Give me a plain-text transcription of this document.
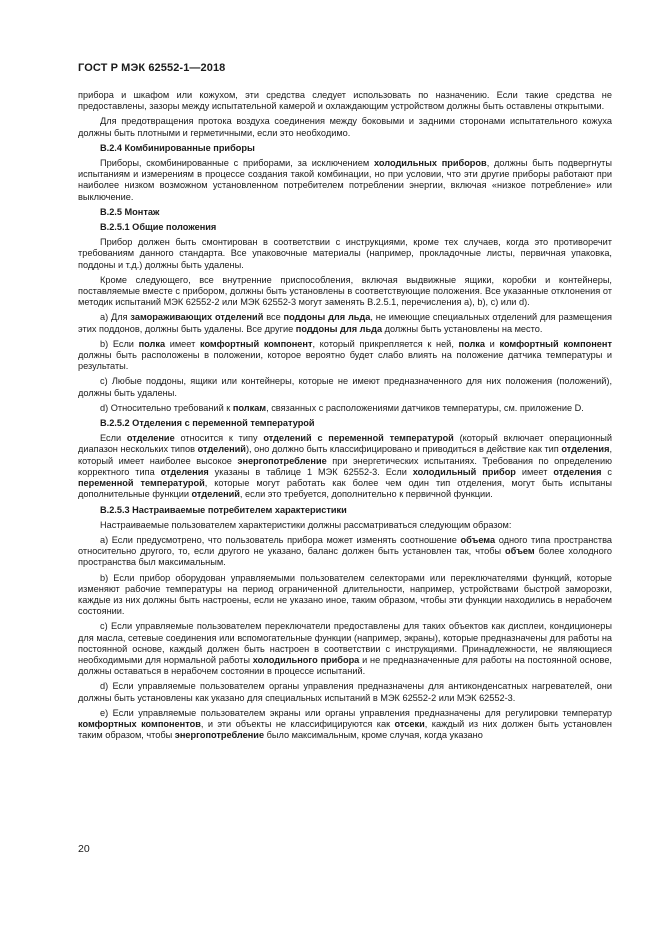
ГОСТ Р МЭК 62552-1—2018

прибора и шкафом или кожухом, эти средства следует использовать по назначению. Если такие средства не предоставлены, зазоры между испытательной камерой и охлаждающим устройством должны быть оставлены открытыми.

Для предотвращения протока воздуха соединения между боковыми и задними сторонами испытательного кожуха должны быть плотными и герметичными, если это необходимо.

В.2.4 Комбинированные приборы

Приборы, скомбинированные с приборами, за исключением холодильных приборов, должны быть подвергнуты испытаниям и измерениям в процессе создания такой комбинации, но при условии, что эти другие приборы работают при наиболее низком возможном установленном потребителем потреблении энергии, включая «низкое потребление» или выключение.

В.2.5 Монтаж
В.2.5.1 Общие положения

Прибор должен быть смонтирован в соответствии с инструкциями, кроме тех случаев, когда это противоречит требованиям данного стандарта. Все упаковочные материалы (например, прокладочные листы, первичная упаковка, поддоны и т.д.) должны быть удалены.

Кроме следующего, все внутренние приспособления, включая выдвижные ящики, коробки и контейнеры, поставляемые вместе с прибором, должны быть установлены в соответствующие положения. Все указанные отклонения от методик испытаний МЭК 62552-2 или МЭК 62552-3 могут заменять В.2.5.1, перечисления а), b), с) или d).

а) Для замораживающих отделений все поддоны для льда, не имеющие специальных отделений для размещения этих поддонов, должны быть удалены. Все другие поддоны для льда должны быть установлены на место.

b) Если полка имеет комфортный компонент, который прикрепляется к ней, полка и комфортный компонент должны быть расположены в положении, которое вероятно будет слабо влиять на положение датчика температуры и результаты.

с) Любые поддоны, ящики или контейнеры, которые не имеют предназначенного для них положения (положений), должны быть удалены.

d) Относительно требований к полкам, связанных с расположениями датчиков температуры, см. приложение D.

В.2.5.2 Отделения с переменной температурой

Если отделение относится к типу отделений с переменной температурой (который включает операционный диапазон нескольких типов отделений), оно должно быть классифицировано и приводиться в действие как тип отделения, который имеет наиболее высокое энергопотребление при энергетических испытаниях. Требования по определению корректного типа отделения указаны в таблице 1 МЭК 62552-3. Если холодильный прибор имеет отделения с переменной температурой, которые могут работать как более чем один тип отделения, могут быть испытаны дополнительные функции отделений, если это требуется, дополнительно к первичной функции.

В.2.5.3 Настраиваемые потребителем характеристики

Настраиваемые пользователем характеристики должны рассматриваться следующим образом:

а) Если предусмотрено, что пользователь прибора может изменять соотношение объема одного типа пространства относительно другого, то, если другого не указано, баланс должен быть установлен так, чтобы объем более холодного пространства был максимальным.

b) Если прибор оборудован управляемыми пользователем селекторами или переключателями функций, которые изменяют рабочие температуры на период ограниченной длительности, например, устройствами быстрой заморозки, каждые из них должны быть настроены, если не указано иное, таким образом, чтобы эти функции находились в нерабочем состоянии.

с) Если управляемые пользователем переключатели предоставлены для таких объектов как дисплеи, кондиционеры для масла, сетевые соединения или вспомогательные функции (например, экраны), которые предназначены для работы на постоянной основе, каждый должен быть настроен в соответствии с инструкциями. Принадлежности, не являющиеся необходимыми для нормальной работы холодильного прибора и не предназначенные для работы на постоянной основе, должны оставаться в нерабочем состоянии в процессе испытаний.

d) Если управляемые пользователем органы управления предназначены для антиконденсатных нагревателей, они должны быть установлены как указано для специальных испытаний в МЭК 62552-2 или МЭК 62552-3.

е) Если управляемые пользователем экраны или органы управления предназначены для регулировки температур комфортных компонентов, и эти объекты не классифицируются как отсеки, каждый из них должен быть установлен таким образом, чтобы энергопотребление было максимальным, кроме случая, когда указано

20
